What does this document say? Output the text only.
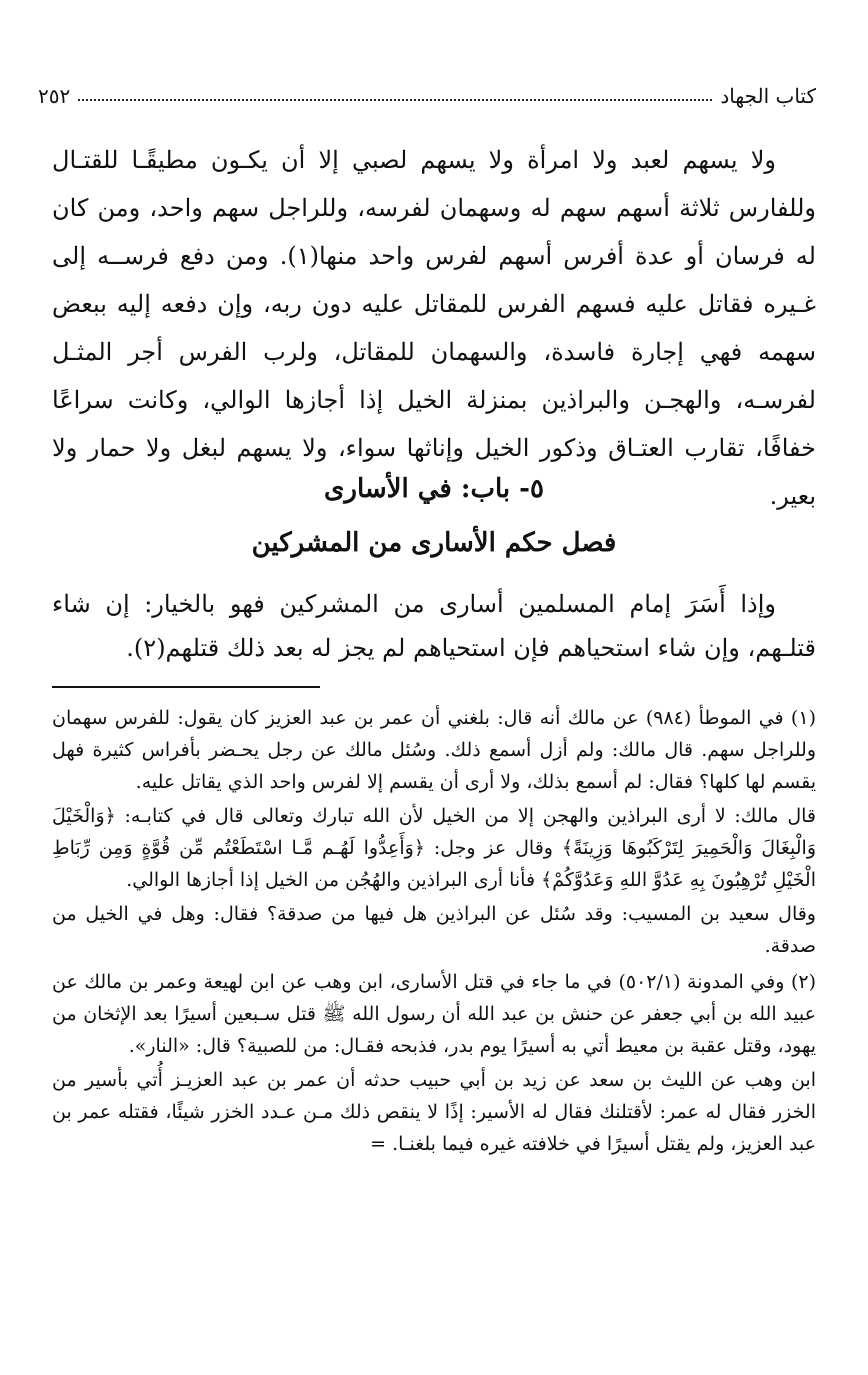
كتاب الجهاد
٢٥٢

ولا يسهم لعبد ولا امرأة ولا يسهم لصبي إلا أن يكـون مطيقًـا للقتـال وللفارس ثلاثة أسهم سهم له وسهمان لفرسه، وللراجل سهم واحد، ومن كان له فرسان أو عدة أفرس أسهم لفرس واحد منها(١). ومن دفع فرســه إلى غـيره فقاتل عليه فسهم الفرس للمقاتل عليه دون ربه، وإن دفعه إليه ببعض سهمه فهي إجارة فاسدة، والسهمان للمقاتل، ولرب الفرس أجر المثـل لفرسـه، والهجـن والبراذين بمنزلة الخيل إذا أجازها الوالي، وكانت سراعًا خفافًا، تقارب العتـاق وذكور الخيل وإناثها سواء، ولا يسهم لبغل ولا حمار ولا بعير.

٥- باب: في الأسارى
فصل حكم الأسارى من المشركين
وإذا أَسَرَ إمام المسلمين أسارى من المشركين فهو بالخيار: إن شاء قتلـهم، وإن شاء استحياهم فإن استحياهم لم يجز له بعد ذلك قتلهم(٢).

(١) في الموطأ (٩٨٤) عن مالك أنه قال: بلغني أن عمر بن عبد العزيز كان يقول: للفرس سهمان وللراجل سهم. قال مالك: ولم أزل أسمع ذلك. وسُئل مالك عن رجل يحـضر بأفراس كثيرة فهل يقسم لها كلها؟ فقال: لم أسمع بذلك، ولا أرى أن يقسم إلا لفرس واحد الذي يقاتل عليه.

قال مالك: لا أرى البراذين والهجن إلا من الخيل لأن الله تبارك وتعالى قال في كتابـه: ﴿وَالْخَيْلَ وَالْبِغَالَ وَالْحَمِيرَ لِتَرْكَبُوهَا وَزِينَةً﴾ وقال عز وجل: ﴿وَأَعِدُّوا لَهُـم مَّـا اسْتَطَعْتُم مِّن قُوَّةٍ وَمِن رِّبَاطِ الْخَيْلِ تُرْهِبُونَ بِهِ عَدُوَّ اللهِ وَعَدُوَّكُمْ﴾ فأنا أرى البراذين والهُجُن من الخيل إذا أجازها الوالي.

وقال سعيد بن المسيب: وقد سُئل عن البراذين هل فيها من صدقة؟ فقال: وهل في الخيل من صدقة.

(٢) وفي المدونة (٥٠٢/١) في ما جاء في قتل الأسارى، ابن وهب عن ابن لهيعة وعمر بن مالك عن عبيد الله بن أبي جعفر عن حنش بن عبد الله أن رسول الله ﷺ قتل سـبعين أسيرًا بعد الإثخان من يهود، وقتل عقبة بن معيط أتي به أسيرًا يوم بدر، فذبحه فقـال: من للصبية؟ قال: «النار».

ابن وهب عن الليث بن سعد عن زيد بن أبي حبيب حدثه أن عمر بن عبد العزيـز أُتي بأسير من الخزر فقال له عمر: لأقتلنك فقال له الأسير: إذًا لا ينقص ذلك مـن عـدد الخزر شيئًا، فقتله عمر بن عبد العزيز، ولم يقتل أسيرًا في خلافته غيره فيما بلغنـا. =
